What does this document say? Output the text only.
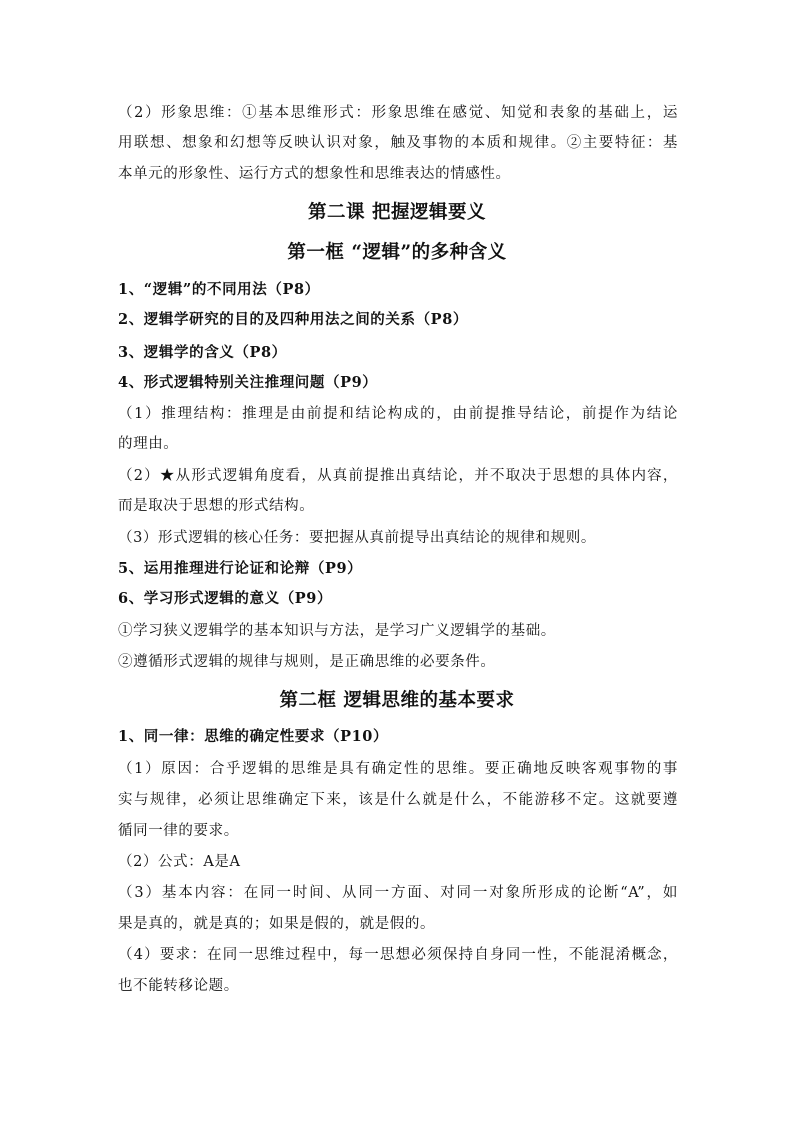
（2）形象思维：①基本思维形式：形象思维在感觉、知觉和表象的基础上，运
用联想、想象和幻想等反映认识对象，触及事物的本质和规律。②主要特征：基
本单元的形象性、运行方式的想象性和思维表达的情感性。
第二课 把握逻辑要义
第一框 “逻辑”的多种含义
1、“逻辑”的不同用法（P8）
2、逻辑学研究的目的及四种用法之间的关系（P8）
3、逻辑学的含义（P8）
4、形式逻辑特别关注推理问题（P9）
（1）推理结构：推理是由前提和结论构成的，由前提推导结论，前提作为结论
的理由。
（2）★从形式逻辑角度看，从真前提推出真结论，并不取决于思想的具体内容，
而是取决于思想的形式结构。
（3）形式逻辑的核心任务：要把握从真前提导出真结论的规律和规则。
5、运用推理进行论证和论辩（P9）
6、学习形式逻辑的意义（P9）
①学习狭义逻辑学的基本知识与方法，是学习广义逻辑学的基础。
②遵循形式逻辑的规律与规则，是正确思维的必要条件。
第二框 逻辑思维的基本要求
1、同一律：思维的确定性要求（P10）
（1）原因：合乎逻辑的思维是具有确定性的思维。要正确地反映客观事物的事
实与规律，必须让思维确定下来，该是什么就是什么，不能游移不定。这就要遵
循同一律的要求。
（2）公式：A是A
（3）基本内容：在同一时间、从同一方面、对同一对象所形成的论断“A”，如
果是真的，就是真的；如果是假的，就是假的。
（4）要求：在同一思维过程中，每一思想必须保持自身同一性，不能混淆概念，
也不能转移论题。
